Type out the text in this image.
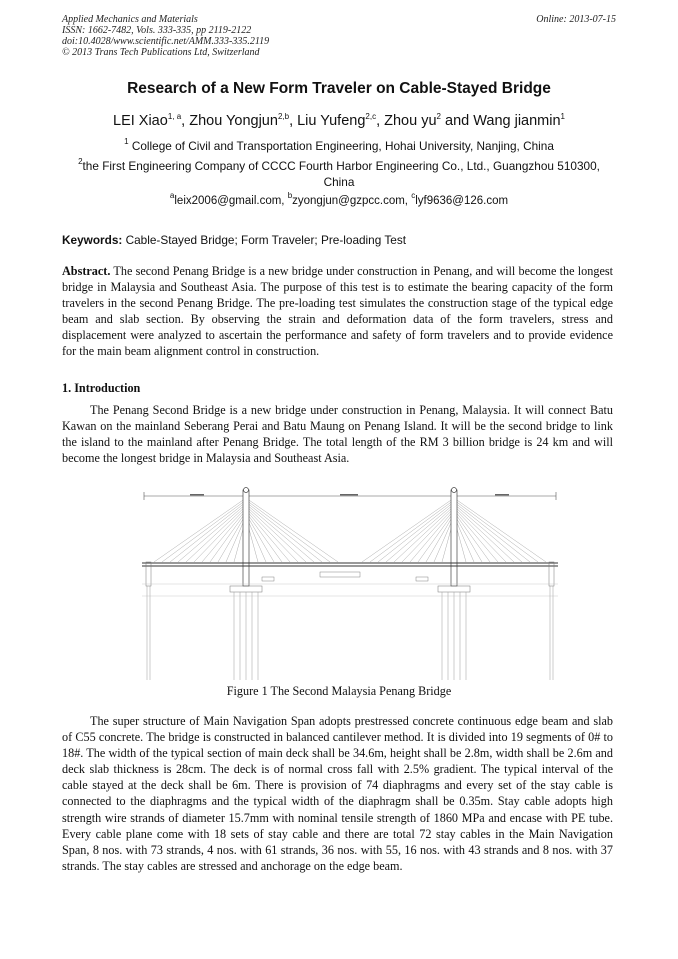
Applied Mechanics and Materials
ISSN: 1662-7482, Vols. 333-335, pp 2119-2122
doi:10.4028/www.scientific.net/AMM.333-335.2119
© 2013 Trans Tech Publications Ltd, Switzerland
Online: 2013-07-15
Research of a New Form Traveler on Cable-Stayed Bridge
LEI Xiao$^{1, a}$, Zhou Yongjun$^{2,b}$, Liu Yufeng$^{2,c}$, Zhou $yu^2$ and Wang jianmin$^1$
$^1$ College of Civil and Transportation Engineering, Hohai University, Nanjing, China
$^2$the First Engineering Company of CCCC Fourth Harbor Engineering Co., Ltd., Guangzhou 510300, China
$^a$leix2006@gmail.com, $^b$zyongjun@gzpcc.com, $^c$lyf9636@126.com
Keywords: Cable-Stayed Bridge; Form Traveler; Pre-loading Test
Abstract. The second Penang Bridge is a new bridge under construction in Penang, and will become the longest bridge in Malaysia and Southeast Asia. The purpose of this test is to estimate the bearing capacity of the form travelers in the second Penang Bridge. The pre-loading test simulates the construction stage of the typical edge beam and slab section. By observing the strain and deformation data of the form travelers, stress and displacement were analyzed to ascertain the performance and safety of form travelers and to provide evidence for the main beam alignment control in construction.
1. Introduction
The Penang Second Bridge is a new bridge under construction in Penang, Malaysia. It will connect Batu Kawan on the mainland Seberang Perai and Batu Maung on Penang Island. It will be the second bridge to link the island to the mainland after Penang Bridge. The total length of the RM 3 billion bridge is 24 km and will become the longest bridge in Malaysia and Southeast Asia.
Figure 1 The Second Malaysia Penang Bridge
The super structure of Main Navigation Span adopts prestressed concrete continuous edge beam and slab of C55 concrete. The bridge is constructed in balanced cantilever method. It is divided into 19 segments of 0# to 18#. The width of the typical section of main deck shall be 34.6m, height shall be 2.8m, width shall be 2.6m and deck slab thickness is 28cm. The deck is of normal cross fall with 2.5% gradient. The typical interval of the cable stayed at the deck shall be 6m. There is provision of 74 diaphragms and every set of the stay cable is connected to the diaphragms and the typical width of the diaphragm shall be 0.35m. Stay cable adopts high strength wire strands of diameter 15.7mm with nominal tensile strength of 1860 MPa and encase with PE tube. Every cable plane come with 18 sets of stay cable and there are total 72 stay cables in the Main Navigation Span, 8 nos. with 73 strands, 4 nos. with 61 strands, 36 nos. with 55, 16 nos. with 43 strands and 8 nos. with 37 strands. The stay cables are stressed and anchorage on the edge beam.
